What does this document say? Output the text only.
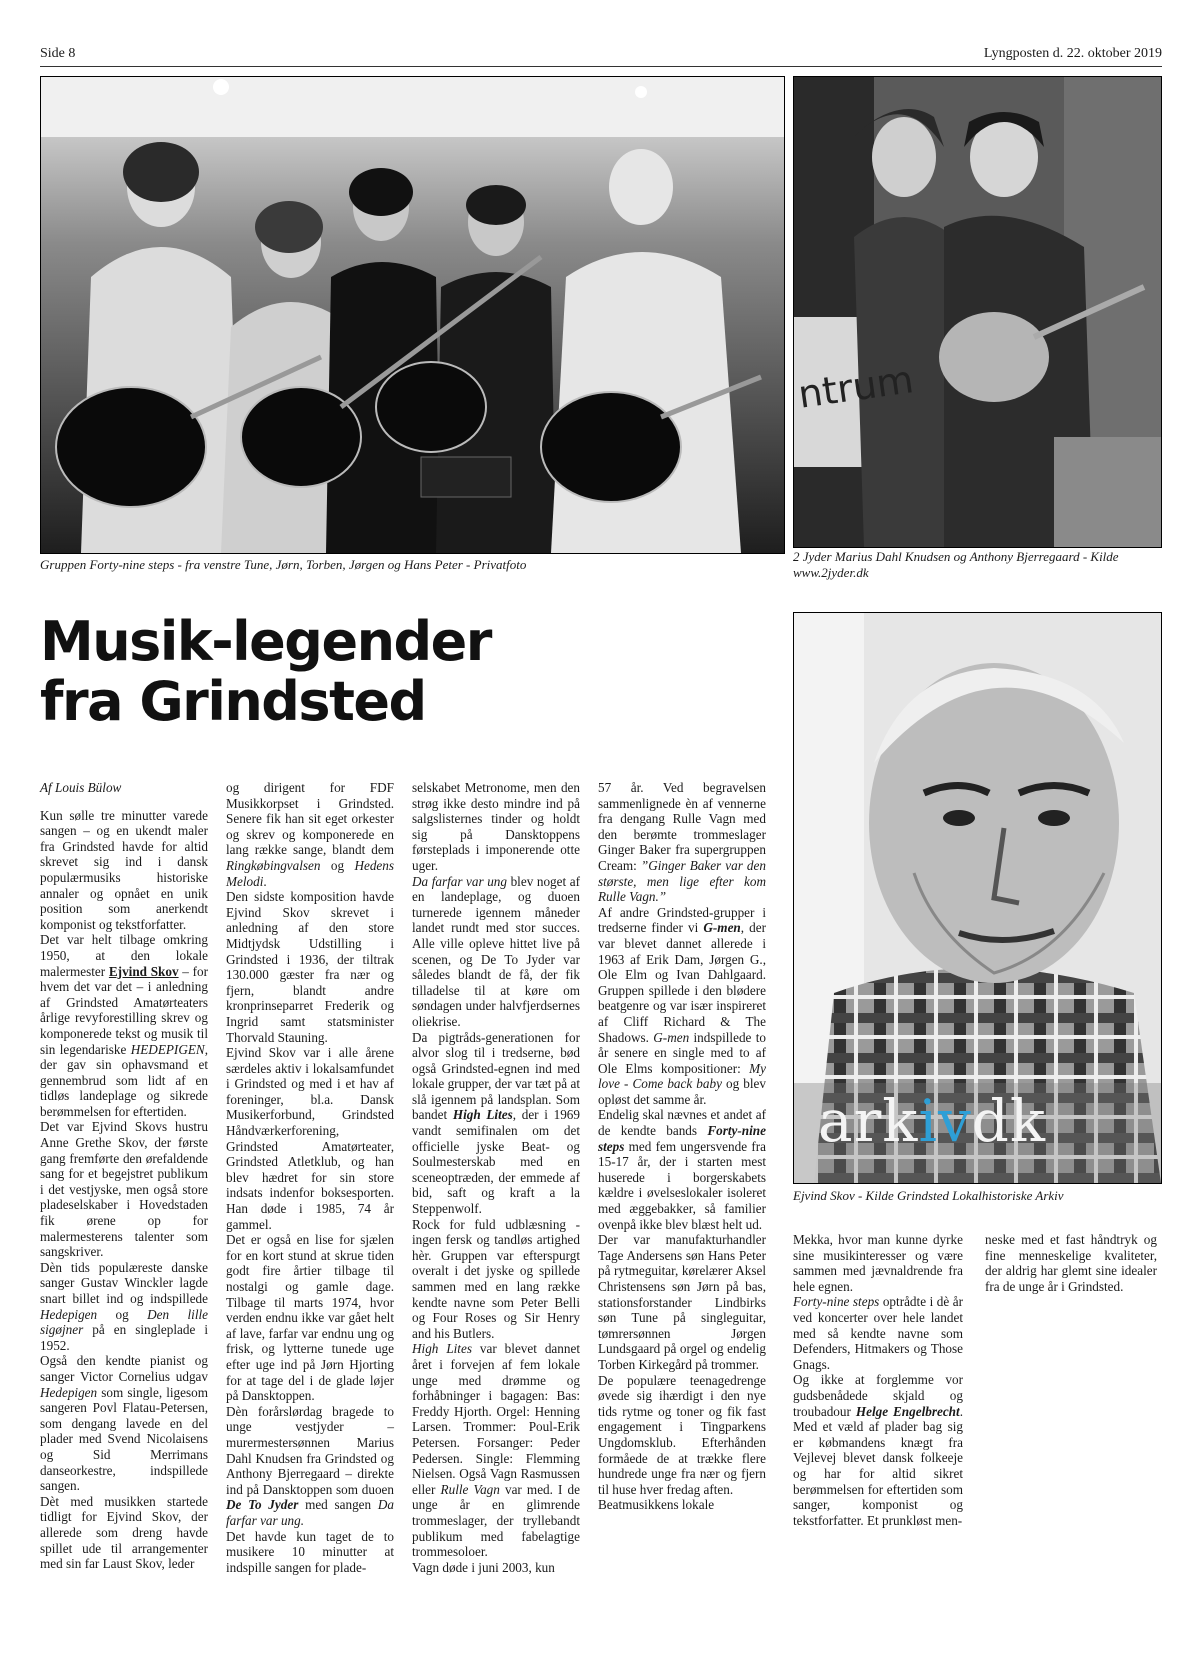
Side 8	Lyngposten d. 22. oktober 2019
Gruppen Forty-nine steps - fra venstre Tune, Jørn, Torben, Jørgen og Hans Peter - Privatfoto
ntrum
2 Jyder Marius Dahl Knudsen og Anthony Bjerregaard - Kilde
www.2jyder.dk
Musik-legender
fra Grindsted
arkivdk
Ejvind Skov - Kilde Grindsted Lokalhistoriske Arkiv

Af Louis Bülow

Kun sølle tre minutter varede sangen – og en ukendt maler fra Grindsted havde for altid skrevet sig ind i dansk populærmusiks historiske annaler og opnået en unik position som anerkendt komponist og tekstforfatter.

Det var helt tilbage omkring 1950, at den lokale malermester Ejvind Skov – for hvem det var det – i anledning af Grindsted Amatørteaters årlige revyforestilling skrev og komponerede tekst og musik til sin legendariske HEDEPIGEN, der gav sin ophavsmand et gennembrud som lidt af en tidløs landeplage og sikrede berømmelsen for eftertiden.

Det var Ejvind Skovs hustru Anne Grethe Skov, der første gang fremførte den ørefaldende sang for et begejstret publikum i det vestjyske, men også store pladeselskaber i Hovedstaden fik ørene op for malermesterens talenter som sangskriver.

Dèn tids populæreste danske sanger Gustav Winckler lagde snart billet ind og indspillede Hedepigen og Den lille sigøjner på en singleplade i 1952.

Også den kendte pianist og sanger Victor Cornelius udgav Hedepigen som single, ligesom sangeren Povl Flatau-Petersen, som dengang lavede en del plader med Svend Nicolaisens og Sid Merrimans danseorkestre, indspillede sangen.

Dèt med musikken startede tidligt for Ejvind Skov, der allerede som dreng havde spillet ude til arrangementer med sin far Laust Skov, leder

og dirigent for FDF Musikkorpset i Grindsted. Senere fik han sit eget orkester og skrev og komponerede en lang række sange, blandt dem Ringkøbingvalsen og Hedens Melodi.

Den sidste komposition havde Ejvind Skov skrevet i anledning af den store Midtjydsk Udstilling i Grindsted i 1936, der tiltrak 130.000 gæster fra nær og fjern, blandt andre kronprinseparret Frederik og Ingrid samt statsminister Thorvald Stauning.

Ejvind Skov var i alle årene særdeles aktiv i lokalsamfundet i Grindsted og med i et hav af foreninger, bl.a. Dansk Musikerforbund, Grindsted Håndværkerforening, Grindsted Amatørteater, Grindsted Atletklub, og han blev hædret for sin store indsats indenfor boksesporten. Han døde i 1985, 74 år gammel.

Det er også en lise for sjælen for en kort stund at skrue tiden godt fire årtier tilbage til nostalgi og gamle dage. Tilbage til marts 1974, hvor verden endnu ikke var gået helt af lave, farfar var endnu ung og frisk, og lytterne tunede uge efter uge ind på Jørn Hjorting for at tage del i de glade løjer på Dansktoppen.

Dèn forårslørdag bragede to unge vestjyder – murermestersønnen Marius Dahl Knudsen fra Grindsted og Anthony Bjerregaard – direkte ind på Dansktoppen som duoen De To Jyder med sangen Da farfar var ung.

Det havde kun taget de to musikere 10 minutter at indspille sangen for plade-

selskabet Metronome, men den strøg ikke desto mindre ind på salgslisternes tinder og holdt sig på Dansktoppens førsteplads i imponerende otte uger.

Da farfar var ung blev noget af en landeplage, og duoen turnerede igennem måneder landet rundt med stor succes. Alle ville opleve hittet live på scenen, og De To Jyder var således blandt de få, der fik tilladelse til at køre om søndagen under halvfjerdsernes oliekrise.

Da pigtråds-generationen for alvor slog til i tredserne, bød også Grindsted-egnen ind med lokale grupper, der var tæt på at slå igennem på landsplan. Som bandet High Lites, der i 1969 vandt semifinalen om det officielle jyske Beat- og Soulmesterskab med en sceneoptræden, der emmede af bid, saft og kraft a la Steppenwolf.

Rock for fuld udblæsning - ingen fersk og tandløs artighed hèr. Gruppen var efterspurgt overalt i det jyske og spillede sammen med en lang række kendte navne som Peter Belli og Four Roses og Sir Henry and his Butlers.

High Lites var blevet dannet året i forvejen af fem lokale unge med drømme og forhåbninger i bagagen: Bas: Freddy Hjorth. Orgel: Henning Larsen. Trommer: Poul-Erik Petersen. Forsanger: Peder Pedersen. Single: Flemming Nielsen. Også Vagn Rasmussen eller Rulle Vagn var med. I de unge år en glimrende trommeslager, der tryllebandt publikum med fabelagtige trommesoloer.

Vagn døde i juni 2003, kun

57 år. Ved begravelsen sammenlignede èn af vennerne fra dengang Rulle Vagn med den berømte trommeslager Ginger Baker fra supergruppen Cream: ”Ginger Baker var den største, men lige efter kom Rulle Vagn.”

Af andre Grindsted-grupper i tredserne finder vi G-men, der var blevet dannet allerede i 1963 af Erik Dam, Jørgen G., Ole Elm og Ivan Dahlgaard. Gruppen spillede i den blødere beatgenre og var især inspireret af Cliff Richard & The Shadows. G-men indspillede to år senere en single med to af Ole Elms kompositioner: My love - Come back baby og blev opløst det samme år.

Endelig skal nævnes et andet af de kendte bands Forty-nine steps med fem ungersvende fra 15-17 år, der i starten mest huserede i borgerskabets kældre i øvelseslokaler isoleret med æggebakker, så familier ovenpå ikke blev blæst helt ud.

Der var manufakturhandler Tage Andersens søn Hans Peter på rytmeguitar, kørelærer Aksel Christensens søn Jørn på bas, stationsforstander Lindbirks søn Tune på singleguitar, tømrersønnen Jørgen Lundsgaard på orgel og endelig Torben Kirkegård på trommer.

De populære teenagedrenge øvede sig ihærdigt i den nye tids rytme og toner og fik fast engagement i Tingparkens Ungdomsklub. Efterhånden formåede de at trække flere hundrede unge fra nær og fjern til huse hver fredag aften.

Beatmusikkens lokale

Mekka, hvor man kunne dyrke sine musikinteresser og være sammen med jævnaldrende fra hele egnen.

Forty-nine steps optrådte i dè år ved koncerter over hele landet med så kendte navne som Defenders, Hitmakers og Those Gnags.

Og ikke at forglemme vor gudsbenådede skjald og troubadour Helge Engelbrecht. Med et væld af plader bag sig er købmandens knægt fra Vejlevej blevet dansk folkeeje og har for altid sikret berømmelsen for eftertiden som sanger, komponist og tekstforfatter. Et prunkløst men-

neske med et fast håndtryk og fine menneskelige kvaliteter, der aldrig har glemt sine idealer fra de unge år i Grindsted.
